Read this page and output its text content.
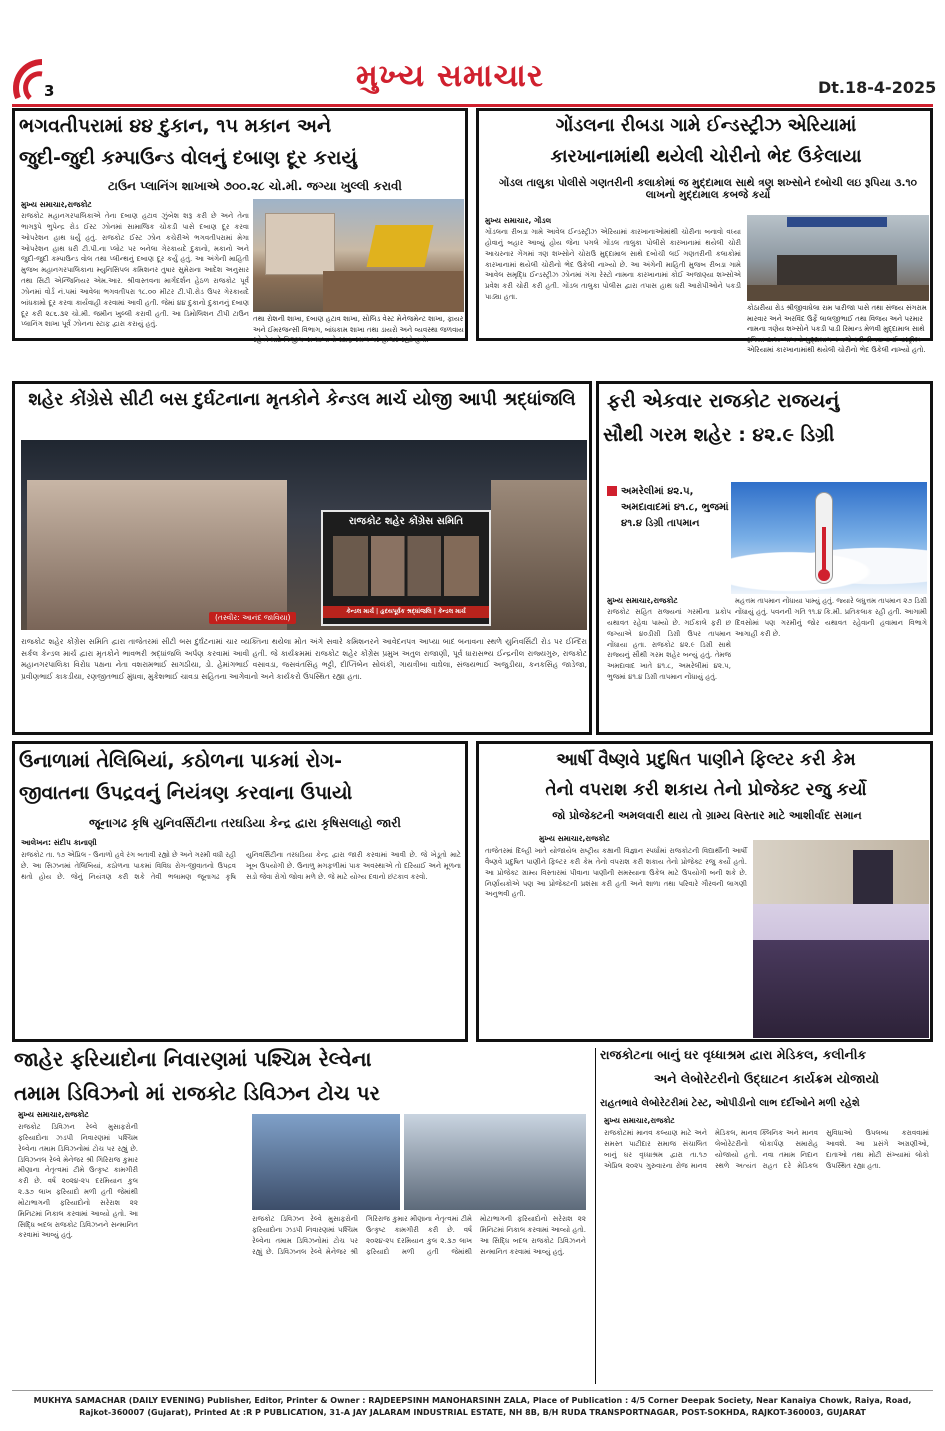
3	મુખ્ય સમાચાર	Dt.18-4-2025
ભગવતીપરામાં ૪૪ દુકાન, ૧૫ મકાન અને
જુદી-જુદી કમ્પાઉન્ડ વોલનું દબાણ દૂર કરાયું
ટાઉન પ્લાનિંગ શાખાએ ૭૦૦.૨૮ ચો.મી. જગ્યા ખુલ્લી કરાવી
મુખ્ય સમાચાર,રાજકોટ
રાજકોટ મહાનગરપાલિકાએ તેના દબાણ હટાવ ઝુંબેશ શરૂ કરી છે અને તેના ભાગરૂપે ભુપેન્દ્ર રોડ ઈસ્ટ ઝોનમાં સામાજિક ચોકડી પાસે દબાણ દૂર કરવા ઓપરેશન હાથ ધર્યું હતું. રાજકોટ ઈસ્ટ ઝોન કચેરીએ ભગવતીપરામાં મેગા ઓપરેશન હાથ ધરી ટી.પી.ના પ્લોટ પર બનેલા ગેરકાયદે દુકાનો, મકાનો અને જુદી-જુદી કમ્પાઉન્ડ વોલ તથા પ્લીન્થનું દબાણ દૂર કર્યું હતું. આ અંગેની માહિતી મુજબ મહાનગરપાલિકાના મ્યુનિસિપલ કમિશનર તુષાર સુમેરાના આદેશ અનુસાર તથા સિટી એન્જિનિયર એમ.આર. શ્રીવાસ્તવના માર્ગદર્શન હેઠળ રાજકોટ પૂર્વ ઝોનમાં વોર્ડ નં.૫માં આવેલા ભગવતીપરા ૧૮.૦૦ મીટર ટી.પી.રોડ ઉપર ગેરકાયદે બાંધકામો દૂર કરવા કાર્યવાહી કરવામાં આવી હતી. જેમાં ૪૪ દુકાનો દુકાનનું દબાણ દૂર કરી ૨૮૬.૩૨ ચો.મી. જમીન ખુલ્લી કરાવી હતી. આ ડિમોલિશન ટીપી ટાઉન પ્લાનિંગ શાખા પૂર્વ ઝોનના સ્ટાફ દ્વારા કરાયું હતું.
તથા રોશની શાખા, દબાણ હટાવ શાખા, સોલિડ વેસ્ટ મેનેજમેન્ટ શાખા, ફાયર અને ઈમરજન્સી વિભાગ, બાંધકામ શાખા તથા ડાયરો અને વ્યવસ્થા જળવાય રહે તે માટે વિજીલન્સ શાખાનો સ્ટાફ સ્થળ પર હાજર રહ્યો હતો.
ગોંડલના રીબડા ગામે ઈન્ડસ્ટ્રીઝ એરિયામાં
કારખાનામાંથી થયેલી ચોરીનો ભેદ ઉકેલાયા
ગોંડલ તાલુકા પોલીસે ગણતરીની કલાકોમાં જ મુદ્દામાલ સાથે ત્રણ શખ્સોને દબોચી લઇ રૂપિયા ૩.૧૦ લાખનો મુદ્દામાલ કબજે કર્યો
મુખ્ય સમાચાર, ગોંડલ
ગોંડલના રીબડા ગામે આવેલ ઈન્ડસ્ટ્રીઝ એરિયામાં કારખાનાઓમાંથી ચોરીના બનાવો વધ્યા હોવાનું બહાર આવ્યું હોય જેના પગલે ગોંડલ તાલુકા પોલીસે કારખાનામાં થયેલી ચોરી આચરનાર ગેંગમાં ત્રણ શખ્સોને ચોરાઉ મુદ્દામાલ સાથે દબોચી લઈ ગણતરીની કલાકોમાં કારખાનામાં થયેલી ચોરીનો ભેદ ઉકેલી નાખ્યો છે. આ અંગેની માહિતી મુજબ રીબડા ગામે આવેલ સમૃદ્ધિ ઈન્ડસ્ટ્રીઝ ઝોનમાં ગંગા રેસ્ટો નામના કારખાનામાં કોઈ અજાણ્યા શખ્સોએ પ્રવેશ કરી ચોરી કરી હતી. ગોંડલ તાલુકા પોલીસ દ્વારા તપાસ હાથ ધરી આરોપીઓને પકડી પાડ્યા હતા.
કોઠારીયા રોડ શ્રીજીવાઘેલા રામ પારીજા પાસે તથા સંજય સંગરામ મારવાર અને અરવિંદ ઉર્ફે લાલજીભાઈ તથા વિજય અને પરમાર નામના ત્રણેય શખ્સોને પકડી પાડી રિમાન્ડ મેળવી મુદ્દામાલ સાથે રૂપિયા ૩.૧૦ લાખનો મુદ્દામાલ કબજે કરી રીબડાના ઈન્ડસ્ટ્રીઝ એરિયામાં કારખાનામાંથી થયેલી ચોરીનો ભેદ ઉકેલી નાખ્યો હતો.
શહેર કોંગ્રેસે સીટી બસ દુર્ઘટનાના મૃતકોને કેન્ડલ માર્ચ યોજી આપી શ્રદ્ધાંજલિ
રાજકોટ શહેર કોંગ્રેસ સમિતિ
કેન્ડલ માર્ચ | હૃદયપૂર્વક શ્રદ્ધાંજલિ | કેન્ડલ માર્ચ
(તસ્વીર: આનંદ જાવિયા)
રાજકોટ શહેર કોંગ્રેસ સમિતિ દ્વારા તાજેતરમાં સીટી બસ દુર્ઘટનામાં ચાર વ્યક્તિના થયેલા મોત અંગે સવારે કમિશનરને આવેદનપત્ર આપ્યા બાદ બનાવના સ્થળે યુનિવર્સિટી રોડ પર ઈન્દિરા સર્કલ કેન્ડલ માર્ચ દ્વારા મૃતકોને ભાવભરી શ્રદ્ધાંજલિ અર્પણ કરવામાં આવી હતી. જે કાર્યક્રમમાં રાજકોટ શહેર કોંગ્રેસ પ્રમુખ અતુલ રાજાણી, પૂર્વ ધારાસભ્ય ઈન્દ્રનીલ રાજ્યગુરુ, રાજકોટ મહાનગરપાલિકા વિરોધ પક્ષના નેતા વશરામભાઈ સાગઠીયા, ડો. હેમાંગભાઈ વસાવડા, જસવંતસિંહ ભટ્ટી, દીપ્તિબેન સોલંકી, ગાયત્રીબા વાઘેલા, સંજયભાઈ અજુડીયા, કનકસિંહ જાડેજા, પ્રવીણભાઈ કાકડીયા, રણજીતભાઈ મુંધવા, મુકેશભાઈ ચાવડા સહિતના આગેવાનો અને કાર્યકરો ઉપસ્થિત રહ્યા હતા.
ફરી એકવાર રાજકોટ રાજયનું
સૌથી ગરમ શહેર : ૪૨.૯ ડિગ્રી
અમરેલીમાં ૪૨.૫, અમદાવાદમાં ૪૧.૮, ભુજમાં ૪૧.૪ ડિગ્રી તાપમાન
મુખ્ય સમાચાર,રાજકોટ
રાજકોટ સહિત રાજ્યનાં ગરમીના પ્રકોપ યથાવત રહેવા પામ્યો છે. ગઈકાલે ફરી છ જગ્યાએ ૪૦ડીગ્રી ડિગ્રી ઉપર તાપમાન નોંધાયા હતા. રાજકોટ ૪૨.૯ ડિગ્રી સાથે રાજ્યનું સૌથી ગરમ શહેર બન્યું હતું. તેમજ અમદાવાદ ખાતે ૪૧.૮, અમરેલીમાં ૪૨.૫, ભુજમાં ૪૧.૪ ડિગ્રી તાપમાન નોંધાયું હતું.
મહત્તમ તાપમાન નોંધાયા પામ્યું હતું. જ્યારે લઘુત્તમ તાપમાન ૨૭ ડિગ્રી નોંધાયું હતું. પવનની ગતિ ૧૧.૪ કિ.મી. પ્રતિકલાક રહી હતી. આગામી દિવસોમાં પણ ગરમીનું જોર યથાવત રહેવાની હવામાન વિભાગે આગાહી કરી છે.
ઉનાળામાં તેલિબિયાં, કઠોળના પાકમાં રોગ-
જીવાતના ઉપદ્રવનું નિયંત્રણ કરવાના ઉપાયો
જૂનાગઢ કૃષિ યુનિવર્સિટીના તરઘડિયા કેન્દ્ર દ્વારા કૃષિસલાહો જારી
આલેખન: સંદીપ કાનાણી
રાજકોટ તા. ૧૭ એપ્રિલ - ઉનાળો હવે રંગ બતાવી રહ્યો છે અને ગરમી વધી રહી છે. આ સિઝનમાં તેલિબિયાં, કઠોળના પાકમાં વિવિધ રોગ-જીવાતનો ઉપદ્રવ થતો હોય છે. જેનું નિયંત્રણ કરી શકે તેવી ભલામણ જૂનાગઢ કૃષિ યુનિવર્સિટીના તરઘડિયા કેન્દ્ર દ્વારા જારી કરવામાં આવી છે. જે ખેડૂતો માટે ખૂબ ઉપયોગી છે. ઉનાળુ મગફળીમાં પાક અવસ્થાએ તો દરિયાઈ અને મૂળના સડો જેવા રોગો જોવા મળે છે. જે માટે યોગ્ય દવાનો છંટકાવ કરવો.
આર્ષી વૈષ્ણવે પ્રદુષિત પાણીને ફિલ્ટર કરી કેમ
તેનો વપરાશ કરી શકાય તેનો પ્રોજેક્ટ રજુ કર્યો
જો પ્રોજેક્ટની અમલવારી થાય તો ગ્રામ્ય વિસ્તાર માટે આશીર્વાદ સમાન
મુખ્ય સમાચાર,રાજકોટ
તાજેતરમાં દિલ્હી ખાતે યોજાયેલ રાષ્ટ્રીય કક્ષાની વિજ્ઞાન સ્પર્ધામાં રાજકોટની વિદ્યાર્થીની આર્ષી વૈષ્ણવે પ્રદુષિત પાણીને ફિલ્ટર કરી કેમ તેનો વપરાશ કરી શકાય તેનો પ્રોજેક્ટ રજુ કર્યો હતો. આ પ્રોજેક્ટ ગ્રામ્ય વિસ્તારમાં પીવાના પાણીની સમસ્યાના ઉકેલ માટે ઉપયોગી બની શકે છે. નિર્ણાયકોએ પણ આ પ્રોજેક્ટની પ્રશંસા કરી હતી અને શાળા તથા પરિવારે ગૌરવની લાગણી અનુભવી હતી.
જાહેર ફરિયાદોના નિવારણમાં પશ્ચિમ રેલ્વેના
તમામ ડિવિઝનો માં રાજકોટ ડિવિઝન ટોચ પર
મુખ્ય સમાચાર,રાજકોટ
રાજકોટ ડિવિઝન રેલ્વે મુસાફરોની ફરિયાદોના ઝડપી નિવારણમાં પશ્ચિમ રેલ્વેના તમામ ડિવિઝનોમાં ટોચ પર રહ્યું છે. ડિવિઝનલ રેલ્વે મેનેજર શ્રી ગિરિરાજ કુમાર મીણાના નેતૃત્વમાં ટીમે ઉત્કૃષ્ટ કામગીરી કરી છે. વર્ષ ૨૦૨૪-૨૫ દરમિયાન કુલ ૨.૩૭ લાખ ફરિયાદો મળી હતી જેમાંથી મોટાભાગની ફરિયાદોનો સરેરાશ ૨૨ મિનિટમાં નિકાલ કરવામાં આવ્યો હતો. આ સિદ્ધિ બદલ રાજકોટ ડિવિઝનને સન્માનિત કરવામાં આવ્યું હતું.
રાજકોટ ડિવિઝન રેલ્વે મુસાફરોની ફરિયાદોના ઝડપી નિવારણમાં પશ્ચિમ રેલ્વેના તમામ ડિવિઝનોમાં ટોચ પર રહ્યું છે. ડિવિઝનલ રેલ્વે મેનેજર શ્રી ગિરિરાજ કુમાર મીણાના નેતૃત્વમાં ટીમે ઉત્કૃષ્ટ કામગીરી કરી છે. વર્ષ ૨૦૨૪-૨૫ દરમિયાન કુલ ૨.૩૭ લાખ ફરિયાદો મળી હતી જેમાંથી મોટાભાગની ફરિયાદોનો સરેરાશ ૨૨ મિનિટમાં નિકાલ કરવામાં આવ્યો હતો. આ સિદ્ધિ બદલ રાજકોટ ડિવિઝનને સન્માનિત કરવામાં આવ્યું હતું.
રાજકોટના બાનું ઘર વૃધ્ધાશ્રમ દ્વારા મેડિકલ, કલીનીક
અને લેબોરેટરીનો ઉદ્ઘાટન કાર્યક્રમ યોજાયો
રાહતભાવે લેબોરેટરીમાં ટેસ્ટ, ઓપીડીનો લાભ દર્દીઓને મળી રહેશે
મુખ્ય સમાચાર,રાજકોટ
રાજકોટમાં માનવ કલ્યાણ માટે અને સમસ્ત પાટીદાર સમાજ સંચાલિત બાનું ઘર વૃધ્ધાશ્રમ દ્વારા તા.૧૭ એપ્રિલ ૨૦૨૫ ગુરુવારના રોજ માનવ મેડિકલ, માનવ ક્લિનિક અને માનવ લેબોરેટરીનો લોકાર્પણ સમારોહ યોજાયો હતો. નવા તમામ નિદાન સ્થળે અત્યંત રાહત દરે મેડિકલ સુવિધાઓ ઉપલબ્ધ કરાવવામાં આવશે. આ પ્રસંગે અગ્રણીઓ, દાતાઓ તથા મોટી સંખ્યામાં લોકો ઉપસ્થિત રહ્યા હતા.
MUKHYA SAMACHAR (DAILY EVENING) Publisher, Editor, Printer & Owner : RAJDEEPSINH MANOHARSINH ZALA, Place of Publication : 4/5 Corner Deepak Society, Near Kanaiya Chowk, Raiya, Road,
Rajkot-360007 (Gujarat), Printed At :R P PUBLICATION, 31-A JAY JALARAM INDUSTRIAL ESTATE, NH 8B, B/H RUDA TRANSPORTNAGAR, POST-SOKHDA, RAJKOT-360003, GUJARAT
